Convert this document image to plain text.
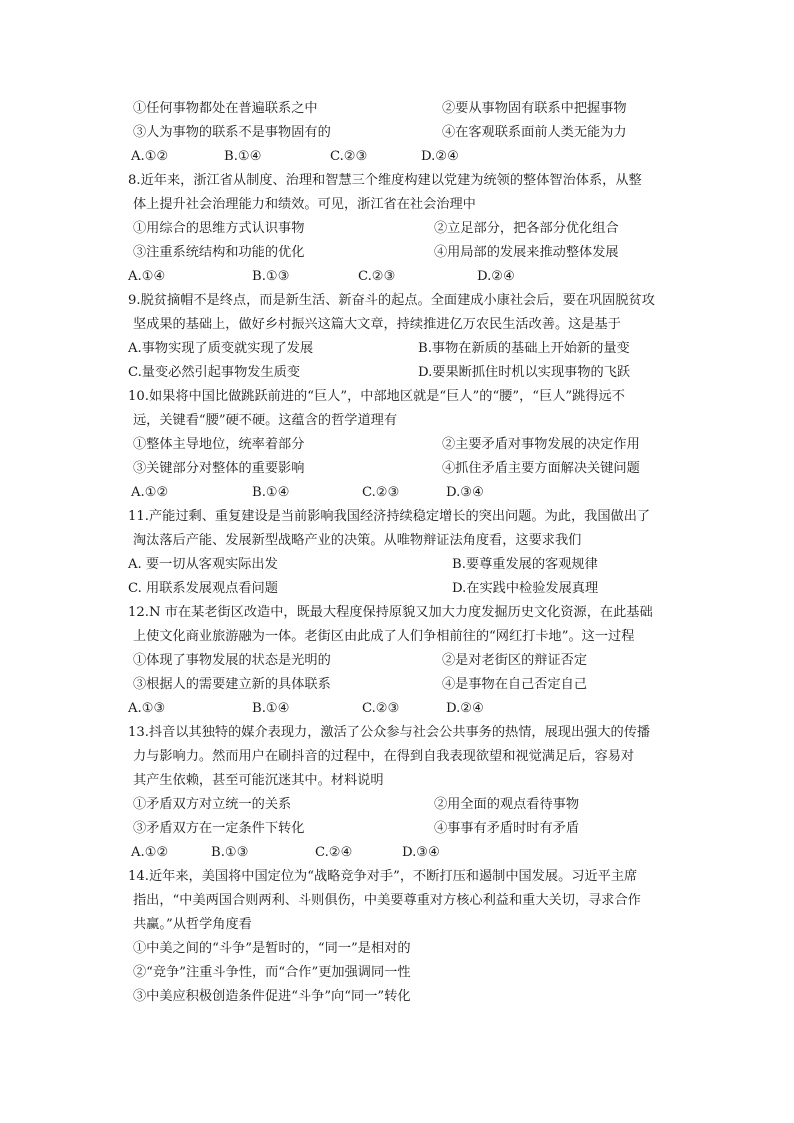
①任何事物都处在普遍联系之中	②要从事物固有联系中把握事物
③人为事物的联系不是事物固有的	④在客观联系面前人类无能为力
A.①②	B.①④	C.②③	D.②④
8.近年来，浙江省从制度、治理和智慧三个维度构建以党建为统领的整体智治体系，从整
体上提升社会治理能力和绩效。可见，浙江省在社会治理中
①用综合的思维方式认识事物	②立足部分，把各部分优化组合
③注重系统结构和功能的优化	④用局部的发展来推动整体发展
A.①④	B.①③	C.②③	D.②④
9.脱贫摘帽不是终点，而是新生活、新奋斗的起点。全面建成小康社会后，要在巩固脱贫攻
坚成果的基础上，做好乡村振兴这篇大文章，持续推进亿万农民生活改善。这是基于
A.事物实现了质变就实现了发展	B.事物在新质的基础上开始新的量变
C.量变必然引起事物发生质变	D.要果断抓住时机以实现事物的飞跃
10.如果将中国比做跳跃前进的“巨人”，中部地区就是“巨人”的“腰”，“巨人”跳得远不
远，关键看“腰”硬不硬。这蕴含的哲学道理有
①整体主导地位，统率着部分	②主要矛盾对事物发展的决定作用
③关键部分对整体的重要影响	④抓住矛盾主要方面解决关键问题
A.①②	B.①④	C.②③	D.③④
11.产能过剩、重复建设是当前影响我国经济持续稳定增长的突出问题。为此，我国做出了
淘汰落后产能、发展新型战略产业的决策。从唯物辩证法角度看，这要求我们
A. 要一切从客观实际出发	B.要尊重发展的客观规律
C. 用联系发展观点看问题	D.在实践中检验发展真理
12.N 市在某老街区改造中，既最大程度保持原貌又加大力度发掘历史文化资源，在此基础
上使文化商业旅游融为一体。老街区由此成了人们争相前往的“网红打卡地”。这一过程
①体现了事物发展的状态是光明的	②是对老街区的辩证否定
③根据人的需要建立新的具体联系	④是事物在自己否定自己
A.①③	B.①④	C.②③	D.②④
13.抖音以其独特的媒介表现力，激活了公众参与社会公共事务的热情，展现出强大的传播
力与影响力。然而用户在刷抖音的过程中，在得到自我表现欲望和视觉满足后，容易对
其产生依赖，甚至可能沉迷其中。材料说明
①矛盾双方对立统一的关系	②用全面的观点看待事物
③矛盾双方在一定条件下转化	④事事有矛盾时时有矛盾
A.①②	B.①③	C.②④	D.③④
14.近年来，美国将中国定位为“战略竞争对手”，不断打压和遏制中国发展。习近平主席
指出，“中美两国合则两利、斗则俱伤，中美要尊重对方核心利益和重大关切，寻求合作
共赢。”从哲学角度看
①中美之间的“斗争”是暂时的，“同一”是相对的
②“竞争”注重斗争性，而“合作”更加强调同一性
③中美应积极创造条件促进“斗争”向“同一”转化
